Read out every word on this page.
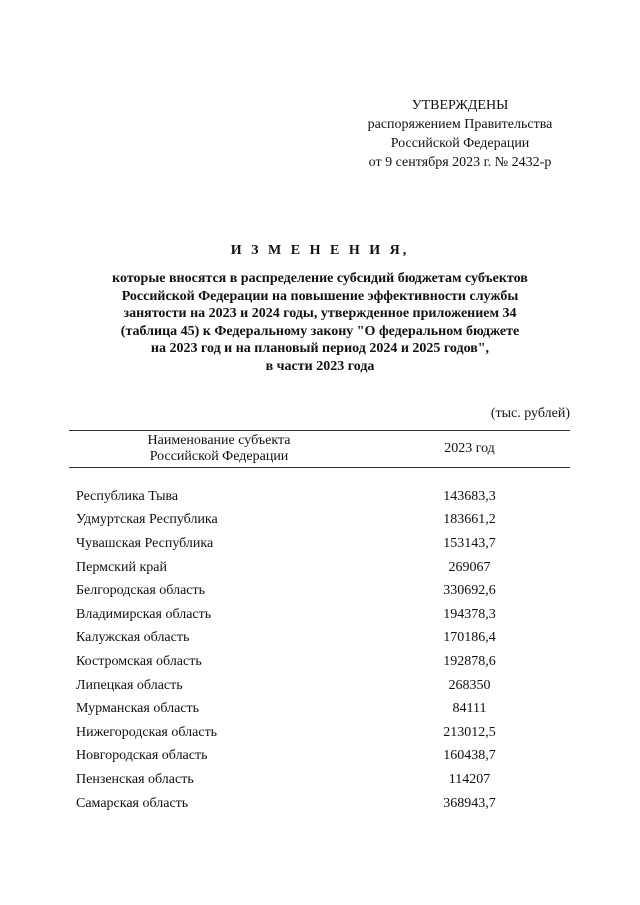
УТВЕРЖДЕНЫ
распоряжением Правительства
Российской Федерации
от 9 сентября 2023 г. № 2432-р
И З М Е Н Е Н И Я,
которые вносятся в распределение субсидий бюджетам субъектов
Российской Федерации на повышение эффективности службы
занятости на 2023 и 2024 годы, утвержденное приложением 34
(таблица 45) к Федеральному закону "О федеральном бюджете
на 2023 год и на плановый период 2024 и 2025 годов",
в части 2023 года
(тыс. рублей)
Наименование субъекта
Российской Федерации	2023 год

Республика Тыва	143683,3
Удмуртская Республика	183661,2
Чувашская Республика	153143,7
Пермский край	269067
Белгородская область	330692,6
Владимирская область	194378,3
Калужская область	170186,4
Костромская область	192878,6
Липецкая область	268350
Мурманская область	84111
Нижегородская область	213012,5
Новгородская область	160438,7
Пензенская область	114207
Самарская область	368943,7
